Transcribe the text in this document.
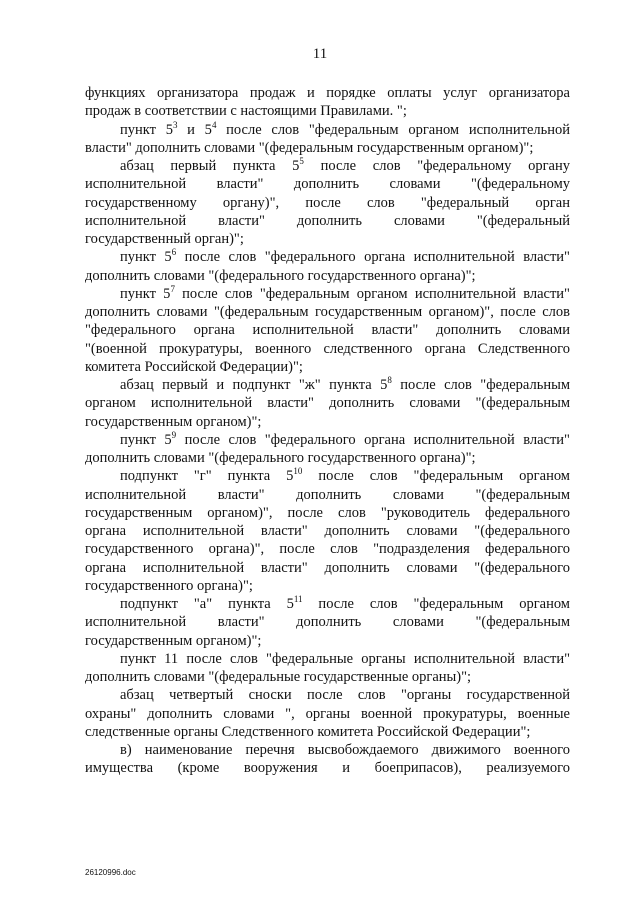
11
функциях организатора продаж и порядке оплаты услуг организатора
продаж в соответствии с настоящими Правилами. ";
пункт $5^3$ и $5^4$ после слов "федеральным органом исполнительной
власти" дополнить словами "(федеральным государственным органом)";
абзац первый пункта $5^5$ после слов "федеральному органу
исполнительной власти" дополнить словами "(федеральному
государственному органу)", после слов "федеральный орган
исполнительной власти" дополнить словами "(федеральный
государственный орган)";
пункт $5^6$ после слов "федерального органа исполнительной власти"
дополнить словами "(федерального государственного органа)";
пункт $5^7$ после слов "федеральным органом исполнительной власти"
дополнить словами "(федеральным государственным органом)", после слов
"федерального органа исполнительной власти" дополнить словами
"(военной прокуратуры, военного следственного органа Следственного
комитета Российской Федерации)";
абзац первый и подпункт "ж" пункта $5^8$ после слов "федеральным
органом исполнительной власти" дополнить словами "(федеральным
государственным органом)";
пункт $5^9$ после слов "федерального органа исполнительной власти"
дополнить словами "(федерального государственного органа)";
подпункт "г" пункта $5^{10}$ после слов "федеральным органом
исполнительной власти" дополнить словами "(федеральным
государственным органом)", после слов "руководитель федерального
органа исполнительной власти" дополнить словами "(федерального
государственного органа)", после слов "подразделения федерального
органа исполнительной власти" дополнить словами "(федерального
государственного органа)";
подпункт "а" пункта $5^{11}$ после слов "федеральным органом
исполнительной власти" дополнить словами "(федеральным
государственным органом)";
пункт 11 после слов "федеральные органы исполнительной власти"
дополнить словами "(федеральные государственные органы)";
абзац четвертый сноски после слов "органы государственной
охраны" дополнить словами ", органы военной прокуратуры, военные
следственные органы Следственного комитета Российской Федерации";
в) наименование перечня высвобождаемого движимого военного
имущества (кроме вооружения и боеприпасов), реализуемого
26120996.doc
